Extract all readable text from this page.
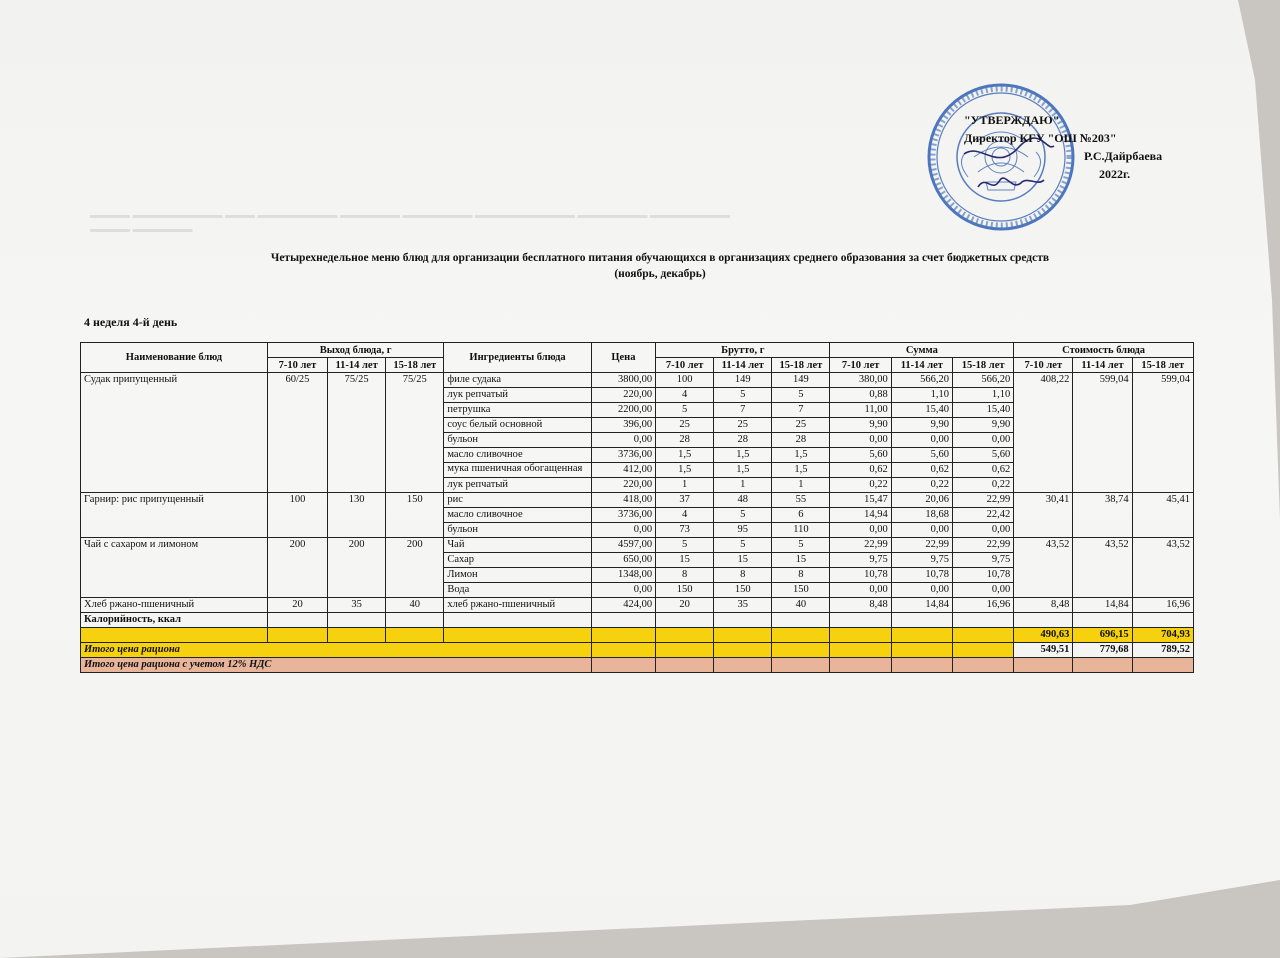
▬▬▬▬ ▬▬▬▬▬▬▬▬▬ ▬▬▬ ▬▬▬▬▬▬▬▬ ▬▬▬▬▬▬ ▬▬▬▬▬▬▬ ▬▬▬▬▬▬▬▬▬▬ ▬▬▬▬▬▬▬ ▬▬▬▬▬▬▬▬
▬▬▬▬ ▬▬▬▬▬▬
"УТВЕРЖДАЮ"
Директор КГУ "ОШ №203"
Р.С.Дайрбаева
2022г.
Четырехнедельное меню блюд для организации бесплатного питания обучающихся в организациях среднего образования за счет бюджетных средств
(ноябрь, декабрь)
4 неделя 4-й день
Наименование блюд	Выход блюда, г			Ингредиенты блюда	Цена	Брутто, г			Сумма			Стоимость блюда		
	7-10 лет	11-14 лет	15-18 лет			7-10 лет	11-14 лет	15-18 лет	7-10 лет	11-14 лет	15-18 лет	7-10 лет	11-14 лет	15-18 лет
Судак припущенный	60/25	75/25	75/25	филе судака	3800,00	100	149	149	380,00	566,20	566,20	408,22	599,04	599,04
				лук репчатый	220,00	4	5	5	0,88	1,10	1,10			
				петрушка	2200,00	5	7	7	11,00	15,40	15,40			
				соус белый основной	396,00	25	25	25	9,90	9,90	9,90			
				бульон	0,00	28	28	28	0,00	0,00	0,00			
				масло сливочное	3736,00	1,5	1,5	1,5	5,60	5,60	5,60			
				мука пшеничная обогащенная	412,00	1,5	1,5	1,5	0,62	0,62	0,62			
				лук репчатый	220,00	1	1	1	0,22	0,22	0,22			
Гарнир: рис припущенный	100	130	150	рис	418,00	37	48	55	15,47	20,06	22,99	30,41	38,74	45,41
				масло сливочное	3736,00	4	5	6	14,94	18,68	22,42			
				бульон	0,00	73	95	110	0,00	0,00	0,00			
Чай с сахаром и лимоном	200	200	200	Чай	4597,00	5	5	5	22,99	22,99	22,99	43,52	43,52	43,52
				Сахар	650,00	15	15	15	9,75	9,75	9,75			
				Лимон	1348,00	8	8	8	10,78	10,78	10,78			
				Вода	0,00	150	150	150	0,00	0,00	0,00			
Хлеб ржано-пшеничный	20	35	40	хлеб ржано-пшеничный	424,00	20	35	40	8,48	14,84	16,96	8,48	14,84	16,96
Калорийность, ккал														
												490,63	696,15	704,93
Итого цена рациона												549,51	779,68	789,52
Итого цена рациона с учетом 12% НДС														
